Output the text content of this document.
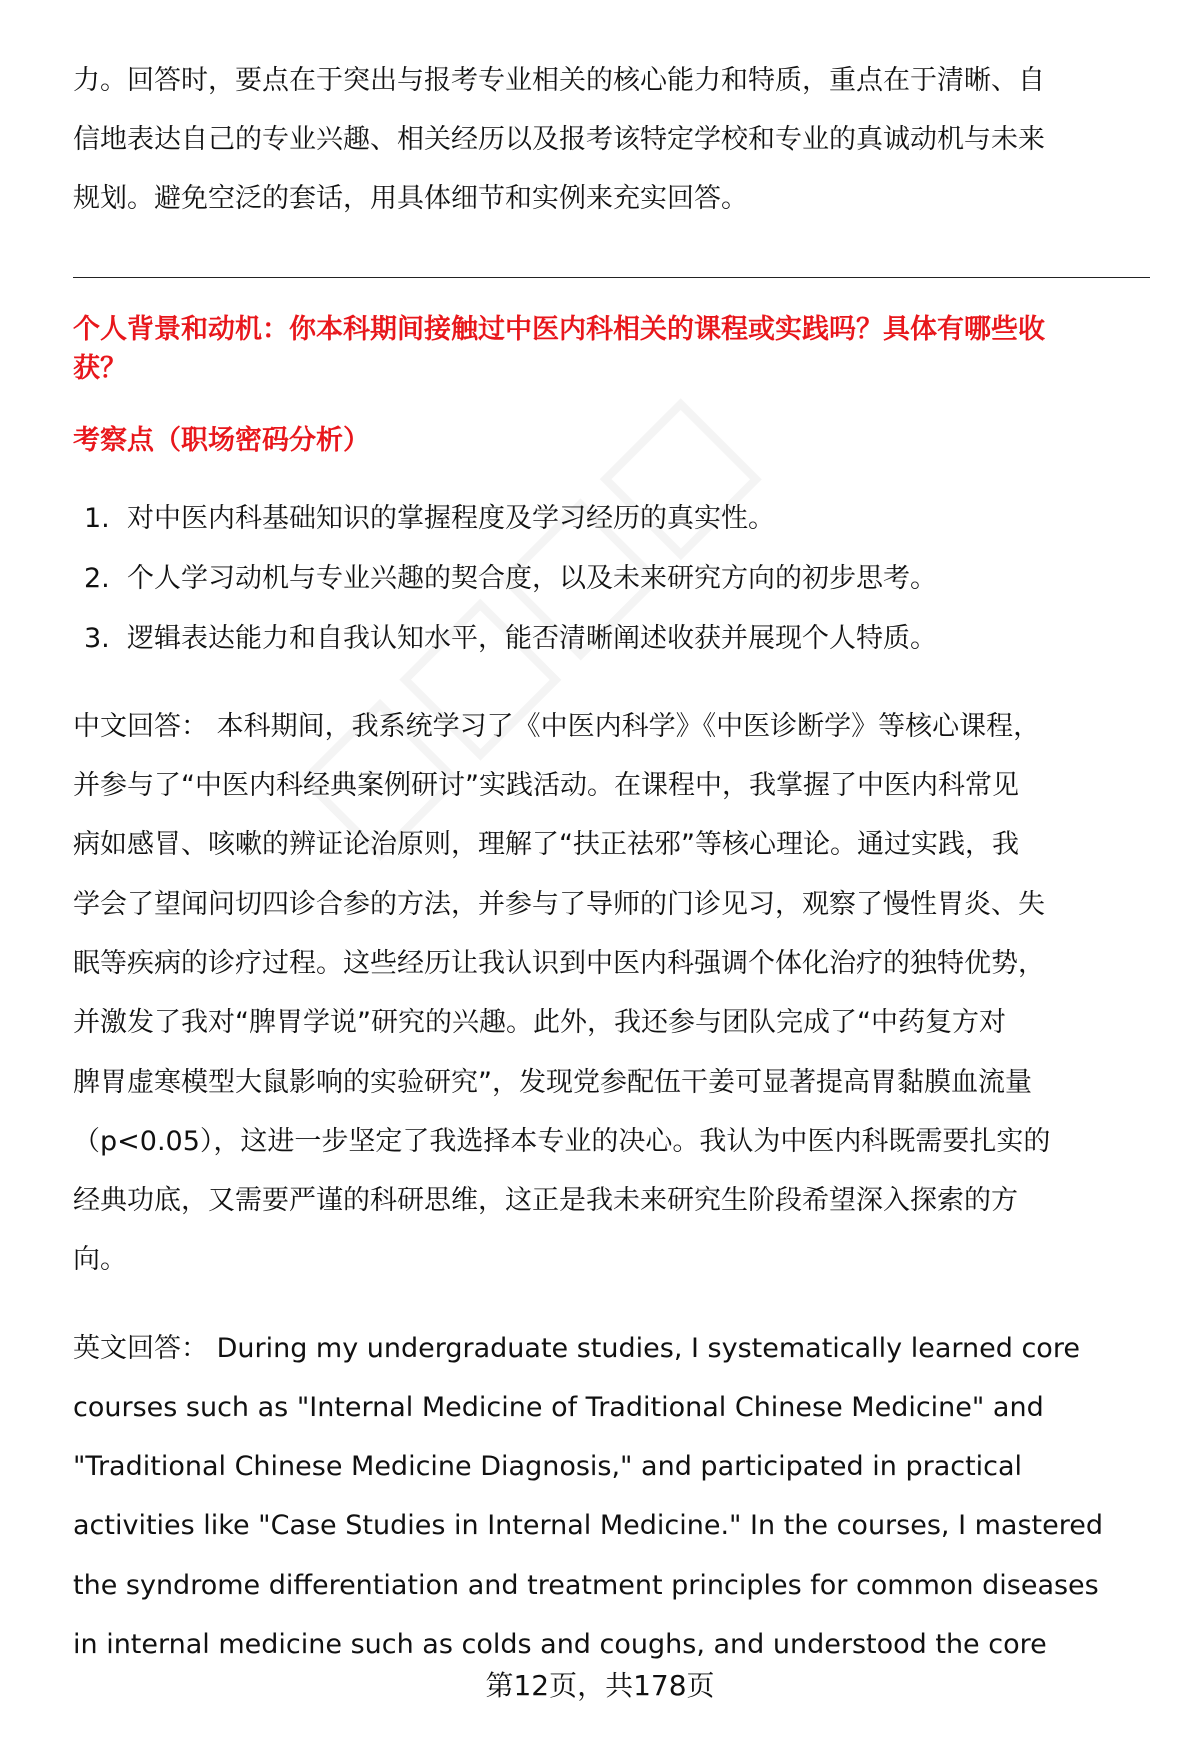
力。回答时，要点在于突出与报考专业相关的核心能力和特质，重点在于清晰、自
信地表达自己的专业兴趣、相关经历以及报考该特定学校和专业的真诚动机与未来
规划。避免空泛的套话，用具体细节和实例来充实回答。
个人背景和动机：你本科期间接触过中医内科相关的课程或实践吗？具体有哪些收
获？
考察点（职场密码分析）
1. 对中医内科基础知识的掌握程度及学习经历的真实性。
2. 个人学习动机与专业兴趣的契合度，以及未来研究方向的初步思考。
3. 逻辑表达能力和自我认知水平，能否清晰阐述收获并展现个人特质。
中文回答： 本科期间，我系统学习了《中医内科学》《中医诊断学》等核心课程，
并参与了“中医内科经典案例研讨”实践活动。在课程中，我掌握了中医内科常见
病如感冒、咳嗽的辨证论治原则，理解了“扶正祛邪”等核心理论。通过实践，我
学会了望闻问切四诊合参的方法，并参与了导师的门诊见习，观察了慢性胃炎、失
眠等疾病的诊疗过程。这些经历让我认识到中医内科强调个体化治疗的独特优势，
并激发了我对“脾胃学说”研究的兴趣。此外，我还参与团队完成了“中药复方对
脾胃虚寒模型大鼠影响的实验研究”，发现党参配伍干姜可显著提高胃黏膜血流量
（p<0.05），这进一步坚定了我选择本专业的决心。我认为中医内科既需要扎实的
经典功底，又需要严谨的科研思维，这正是我未来研究生阶段希望深入探索的方
向。
英文回答： During my undergraduate studies, I systematically learned core
courses such as "Internal Medicine of Traditional Chinese Medicine" and
"Traditional Chinese Medicine Diagnosis," and participated in practical
activities like "Case Studies in Internal Medicine." In the courses, I mastered
the syndrome differentiation and treatment principles for common diseases
in internal medicine such as colds and coughs, and understood the core
第12页，共178页
